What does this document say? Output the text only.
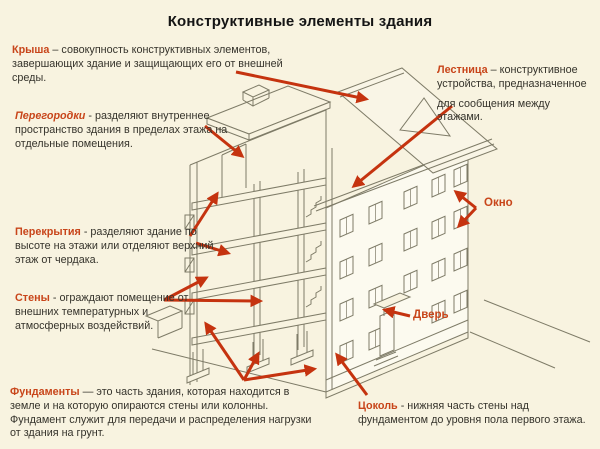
Конструктивные элементы здания
Крыша – совокупность конструктивных элементов, завершающих здание и защищающих его от внешней среды.
Перегородки - разделяют внутреннее пространство здания в пределах этажа на отдельные помещения.
Перекрытия - разделяют здание по высоте на этажи или отделяют верхний этаж от чердака.
Стены - ограждают помещение от внешних температурных и атмосферных воздействий.
Фундаменты — это часть здания, которая находится в земле и на которую опираются стены или колонны. Фундамент служит для передачи и распределения нагрузки от здания на грунт.
Лестница – конструктивное устройства, предназначенное
для сообщения между этажами.
Окно
Дверь
Цоколь - нижняя часть стены над фундаментом до уровня пола первого этажа.
